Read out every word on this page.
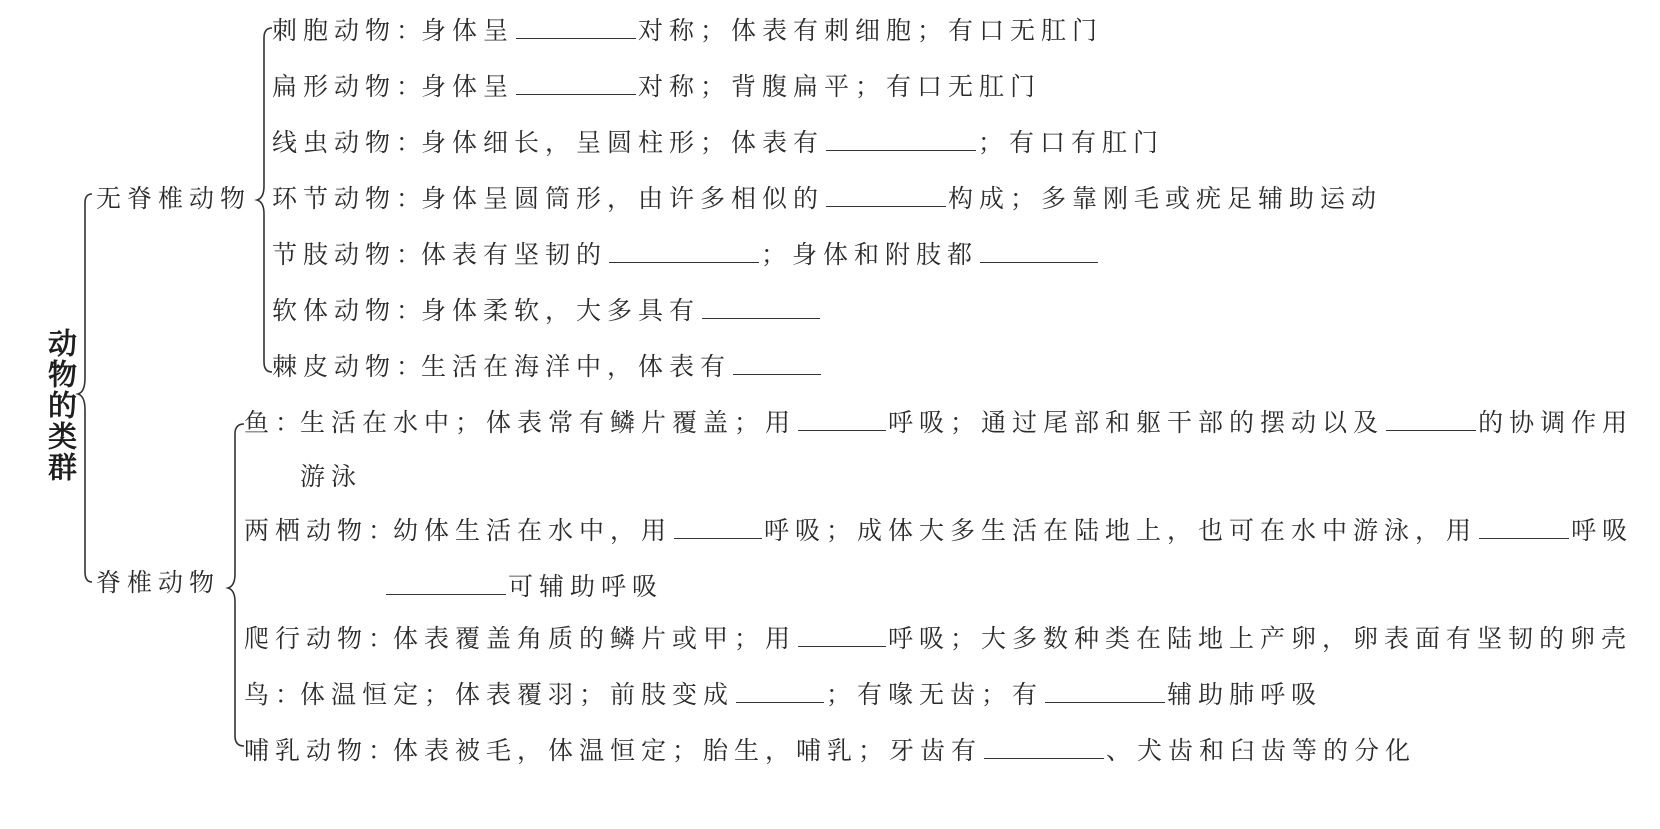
动物的类群
无脊椎动物
脊椎动物
刺胞动物：身体呈	对称；体表有刺细胞；有口无肛门
扁形动物：身体呈	对称；背腹扁平；有口无肛门
线虫动物：身体细长，呈圆柱形；体表有	；有口有肛门
环节动物：身体呈圆筒形，由许多相似的	构成；多靠刚毛或疣足辅助运动
节肢动物：体表有坚韧的	；身体和附肢都
软体动物：身体柔软，大多具有
棘皮动物：生活在海洋中，体表有
鱼：生活在水中；体表常有鳞片覆盖；用	呼吸；通过尾部和躯干部的摆动以及	的协调作用
游泳
两栖动物：幼体生活在水中，用	呼吸；成体大多生活在陆地上，也可在水中游泳，用	呼吸
可辅助呼吸
爬行动物：体表覆盖角质的鳞片或甲；用	呼吸；大多数种类在陆地上产卵，卵表面有坚韧的卵壳
鸟：体温恒定；体表覆羽；前肢变成	；有喙无齿；有	辅助肺呼吸
哺乳动物：体表被毛，体温恒定；胎生，哺乳；牙齿有	、犬齿和臼齿等的分化
